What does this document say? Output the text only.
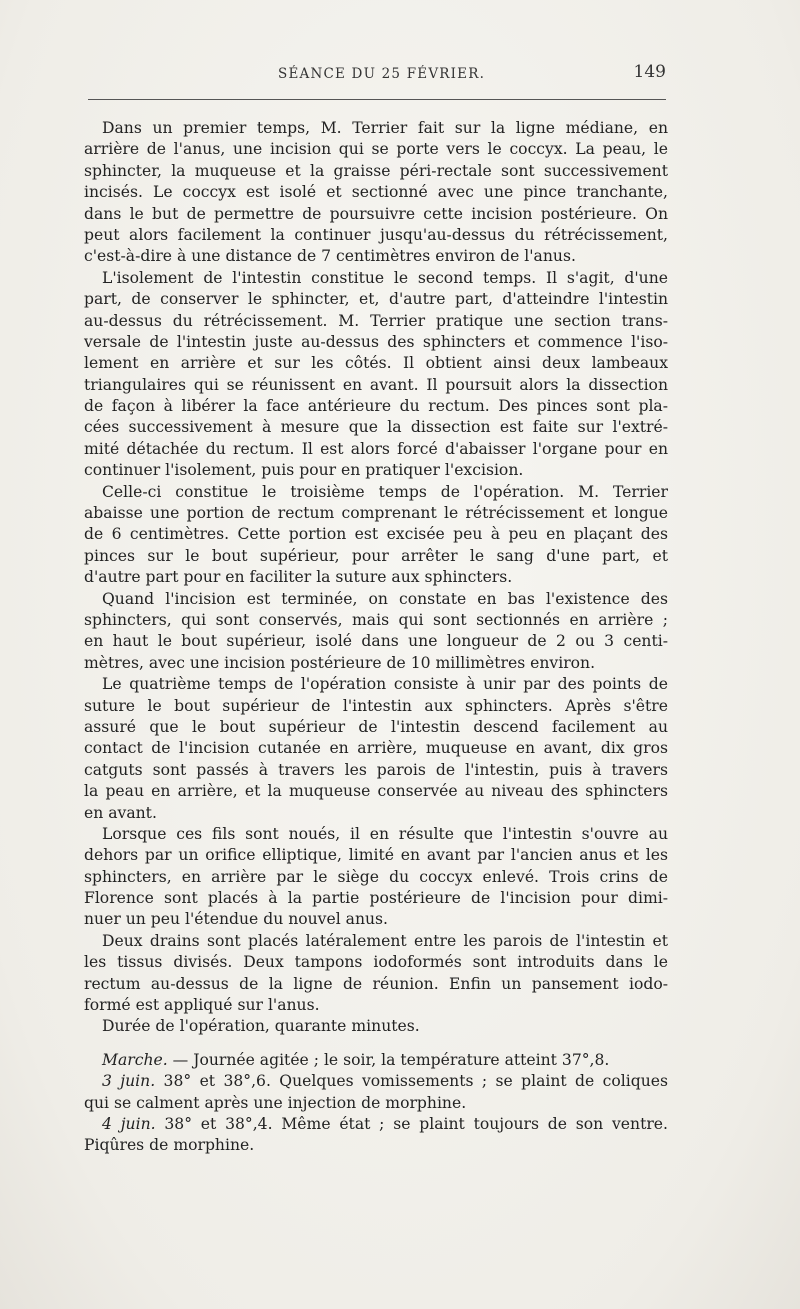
SÉANCE DU 25 FÉVRIER.	149
Dans un premier temps, M. Terrier fait sur la ligne médiane, en
arrière de l'anus, une incision qui se porte vers le coccyx. La peau, le
sphincter, la muqueuse et la graisse péri-rectale sont successivement
incisés. Le coccyx est isolé et sectionné avec une pince tranchante,
dans le but de permettre de poursuivre cette incision postérieure. On
peut alors facilement la continuer jusqu'au-dessus du rétrécissement,
c'est-à-dire à une distance de 7 centimètres environ de l'anus.
L'isolement de l'intestin constitue le second temps. Il s'agit, d'une
part, de conserver le sphincter, et, d'autre part, d'atteindre l'intestin
au-dessus du rétrécissement. M. Terrier pratique une section trans-
versale de l'intestin juste au-dessus des sphincters et commence l'iso-
lement en arrière et sur les côtés. Il obtient ainsi deux lambeaux
triangulaires qui se réunissent en avant. Il poursuit alors la dissection
de façon à libérer la face antérieure du rectum. Des pinces sont pla-
cées successivement à mesure que la dissection est faite sur l'extré-
mité détachée du rectum. Il est alors forcé d'abaisser l'organe pour en
continuer l'isolement, puis pour en pratiquer l'excision.
Celle-ci constitue le troisième temps de l'opération. M. Terrier
abaisse une portion de rectum comprenant le rétrécissement et longue
de 6 centimètres. Cette portion est excisée peu à peu en plaçant des
pinces sur le bout supérieur, pour arrêter le sang d'une part, et
d'autre part pour en faciliter la suture aux sphincters.
Quand l'incision est terminée, on constate en bas l'existence des
sphincters, qui sont conservés, mais qui sont sectionnés en arrière ;
en haut le bout supérieur, isolé dans une longueur de 2 ou 3 centi-
mètres, avec une incision postérieure de 10 millimètres environ.
Le quatrième temps de l'opération consiste à unir par des points de
suture le bout supérieur de l'intestin aux sphincters. Après s'être
assuré que le bout supérieur de l'intestin descend facilement au
contact de l'incision cutanée en arrière, muqueuse en avant, dix gros
catguts sont passés à travers les parois de l'intestin, puis à travers
la peau en arrière, et la muqueuse conservée au niveau des sphincters
en avant.
Lorsque ces fils sont noués, il en résulte que l'intestin s'ouvre au
dehors par un orifice elliptique, limité en avant par l'ancien anus et les
sphincters, en arrière par le siège du coccyx enlevé. Trois crins de
Florence sont placés à la partie postérieure de l'incision pour dimi-
nuer un peu l'étendue du nouvel anus.
Deux drains sont placés latéralement entre les parois de l'intestin et
les tissus divisés. Deux tampons iodoformés sont introduits dans le
rectum au-dessus de la ligne de réunion. Enfin un pansement iodo-
formé est appliqué sur l'anus.
Durée de l'opération, quarante minutes.
Marche. — Journée agitée ; le soir, la température atteint 37°,8.
3 juin. 38° et 38°,6. Quelques vomissements ; se plaint de coliques
qui se calment après une injection de morphine.
4 juin. 38° et 38°,4. Même état ; se plaint toujours de son ventre.
Piqûres de morphine.
